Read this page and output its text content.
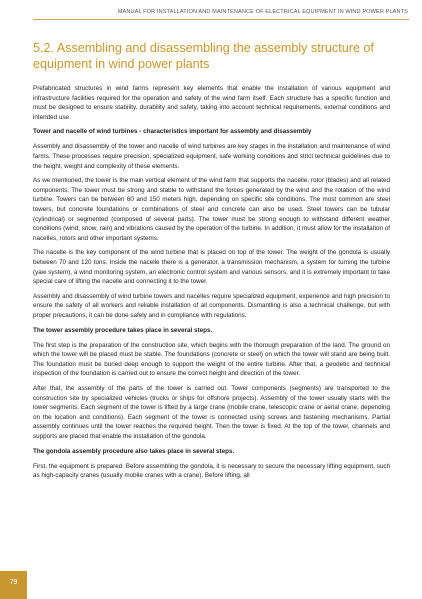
MANUAL FOR INSTALLATION AND MAINTENANCE OF ELECTRICAL EQUIPMENT IN WIND POWER PLANTS
5.2. Assembling and disassembling the assembly structure of equipment in wind power plants

Prefabricated structures in wind farms represent key elements that enable the installation of various equipment and infrastructure facilities required for the operation and safety of the wind farm itself. Each structure has a specific function and must be designed to ensure stability, durability and safety, taking into account technical requirements, external conditions and intended use.

Tower and nacelle of wind turbines - characteristics important for assembly and disassembly

Assembly and disassembly of the tower and nacelle of wind turbines are key stages in the installation and maintenance of wind farms. These processes require precision, specialized equipment, safe working conditions and strict technical guidelines due to the height, weight and complexity of these elements.

As we mentioned, the tower is the main vertical element of the wind farm that supports the nacelle, rotor (blades) and all related components. The tower must be strong and stable to withstand the forces generated by the wind and the rotation of the wind turbine. Towers can be between 60 and 150 meters high, depending on specific site conditions. The most common are steel towers, but concrete foundations or combinations of steel and concrete can also be used. Steel towers can be tubular (cylindrical) or segmented (composed of several parts). The tower must be strong enough to withstand different weather conditions (wind, snow, rain) and vibrations caused by the operation of the turbine. In addition, it must allow for the installation of nacelles, rotors and other important systems.

The nacelle is the key component of the wind turbine that is placed on top of the tower. The weight of the gondola is usually between 70 and 120 tons. Inside the nacelle there is a generator, a transmission mechanism, a system for turning the turbine (yaw system), a wind monitoring system, an electronic control system and various sensors, and it is extremely important to take special care of lifting the nacelle and connecting it to the tower.

Assembly and disassembly of wind turbine towers and nacelles require specialized equipment, experience and high precision to ensure the safety of all workers and reliable installation of all components. Dismantling is also a technical challenge, but with proper precautions, it can be done safely and in compliance with regulations.

The tower assembly procedure takes place in several steps.

The first step is the preparation of the construction site, which begins with the thorough preparation of the land. The ground on which the tower will be placed must be stable. The foundations (concrete or steel) on which the tower will stand are being built. The foundation must be buried deep enough to support the weight of the entire turbine. After that, a geodetic and technical inspection of the foundation is carried out to ensure the correct height and direction of the tower.

After that, the assembly of the parts of the tower is carried out. Tower components (segments) are transported to the construction site by specialized vehicles (trucks or ships for offshore projects). Assembly of the tower usually starts with the lower segments. Each segment of the tower is lifted by a large crane (mobile crane, telescopic crane or aerial crane, depending on the location and conditions). Each segment of the tower is connected using screws and fastening mechanisms. Partial assembly continues until the tower reaches the required height. Then the tower is fixed. At the top of the tower, channels and supports are placed that enable the installation of the gondola.

The gondola assembly procedure also takes place in several steps.

First, the equipment is prepared. Before assembling the gondola, it is necessary to secure the necessary lifting equipment, such as high-capacity cranes (usually mobile cranes with a crane). Before lifting, all

79
